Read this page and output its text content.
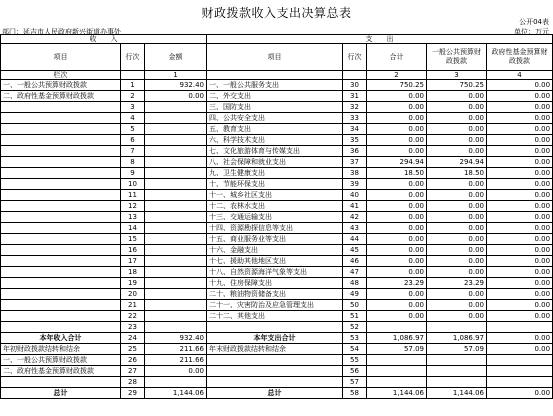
财政拨款收入支出决算总表
公开04表
部门：延吉市人民政府新兴街道办事处	单位：万元
收　　入			支　　出				
项目	行次	金额	项目	行次	合计	一般公共预算财政拨款	政府性基金预算财政拨款
栏次		1			2	3	4
一、一般公共预算财政拨款	1	932.40	一、一般公共服务支出	30	750.25	750.25	0.00
二、政府性基金预算财政拨款	2	0.00	二、外交支出	31	0.00	0.00	0.00
	3		三、国防支出	32	0.00	0.00	0.00
	4		四、公共安全支出	33	0.00	0.00	0.00
	5		五、教育支出	34	0.00	0.00	0.00
	6		六、科学技术支出	35	0.00	0.00	0.00
	7		七、文化旅游体育与传媒支出	36	0.00	0.00	0.00
	8		八、社会保障和就业支出	37	294.94	294.94	0.00
	9		九、卫生健康支出	38	18.50	18.50	0.00
	10		十、节能环保支出	39	0.00	0.00	0.00
	11		十一、城乡社区支出	40	0.00	0.00	0.00
	12		十二、农林水支出	41	0.00	0.00	0.00
	13		十三、交通运输支出	42	0.00	0.00	0.00
	14		十四、资源勘探信息等支出	43	0.00	0.00	0.00
	15		十五、商业服务业等支出	44	0.00	0.00	0.00
	16		十六、金融支出	45	0.00	0.00	0.00
	17		十七、援助其他地区支出	46	0.00	0.00	0.00
	18		十八、自然资源海洋气象等支出	47	0.00	0.00	0.00
	19		十九、住房保障支出	48	23.29	23.29	0.00
	20		二十、粮油物资储备支出	49	0.00	0.00	0.00
	21		二十一、灾害防治及应急管理支出	50	0.00	0.00	0.00
	22		二十二、其他支出	51	0.00	0.00	0.00
	23			52			
本年收入合计	24	932.40	本年支出合计	53	1,086.97	1,086.97	0.00
年初财政拨款结转和结余	25	211.66	年末财政拨款结转和结余	54	57.09	57.09	0.00
一、一般公共预算财政拨款	26	211.66		55			
二、政府性基金预算财政拨款	27	0.00		56			
	28			57			
总计	29	1,144.06	总计	58	1,144.06	1,144.06	0.00
